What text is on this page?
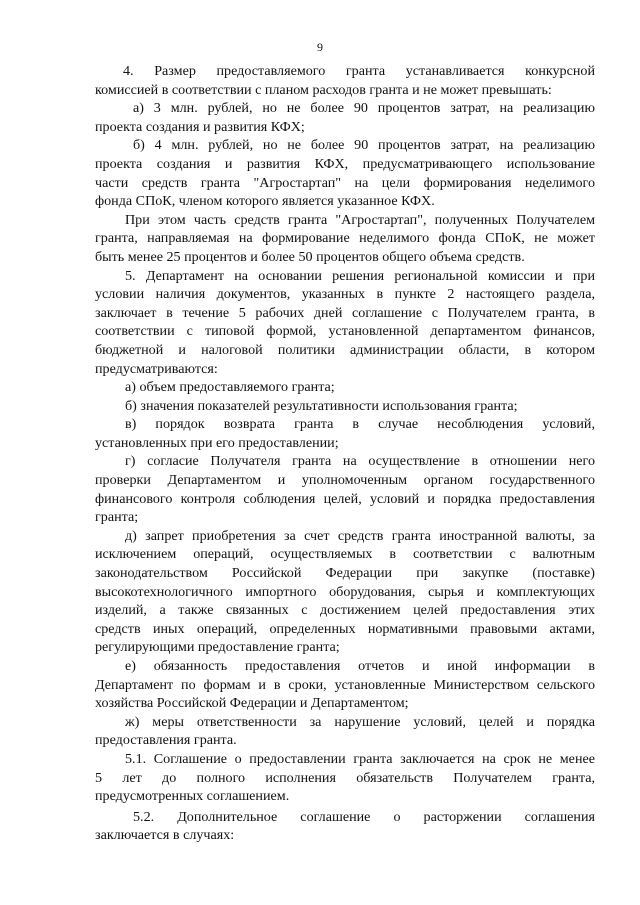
9

4. Размер предоставляемого гранта устанавливается конкурсной
комиссией в соответствии с планом расходов гранта и не может превышать:

а) 3 млн. рублей, но не более 90 процентов затрат, на реализацию
проекта создания и развития КФХ;

б) 4 млн. рублей, но не более 90 процентов затрат, на реализацию
проекта создания и развития КФХ, предусматривающего использование
части средств гранта "Агростартап" на цели формирования неделимого
фонда СПоК, членом которого является указанное КФХ.

При этом часть средств гранта "Агростартап", полученных Получателем
гранта, направляемая на формирование неделимого фонда СПоК, не может
быть менее 25 процентов и более 50 процентов общего объема средств.

5. Департамент на основании решения региональной комиссии и при
условии наличия документов, указанных в пункте 2 настоящего раздела,
заключает в течение 5 рабочих дней соглашение с Получателем гранта, в
соответствии с типовой формой, установленной департаментом финансов,
бюджетной и налоговой политики администрации области, в котором
предусматриваются:

а) объем предоставляемого гранта;

б) значения показателей результативности использования гранта;

в) порядок возврата гранта в случае несоблюдения условий,
установленных при его предоставлении;

г) согласие Получателя гранта на осуществление в отношении него
проверки Департаментом и уполномоченным органом государственного
финансового контроля соблюдения целей, условий и порядка предоставления
гранта;

д) запрет приобретения за счет средств гранта иностранной валюты, за
исключением операций, осуществляемых в соответствии с валютным
законодательством Российской Федерации при закупке (поставке)
высокотехнологичного импортного оборудования, сырья и комплектующих
изделий, а также связанных с достижением целей предоставления этих
средств иных операций, определенных нормативными правовыми актами,
регулирующими предоставление гранта;

е) обязанность предоставления отчетов и иной информации в
Департамент по формам и в сроки, установленные Министерством сельского
хозяйства Российской Федерации и Департаментом;

ж) меры ответственности за нарушение условий, целей и порядка
предоставления гранта.

5.1. Соглашение о предоставлении гранта заключается на срок не менее
5 лет до полного исполнения обязательств Получателем гранта,
предусмотренных соглашением.

5.2. Дополнительное соглашение о расторжении соглашения
заключается в случаях:
